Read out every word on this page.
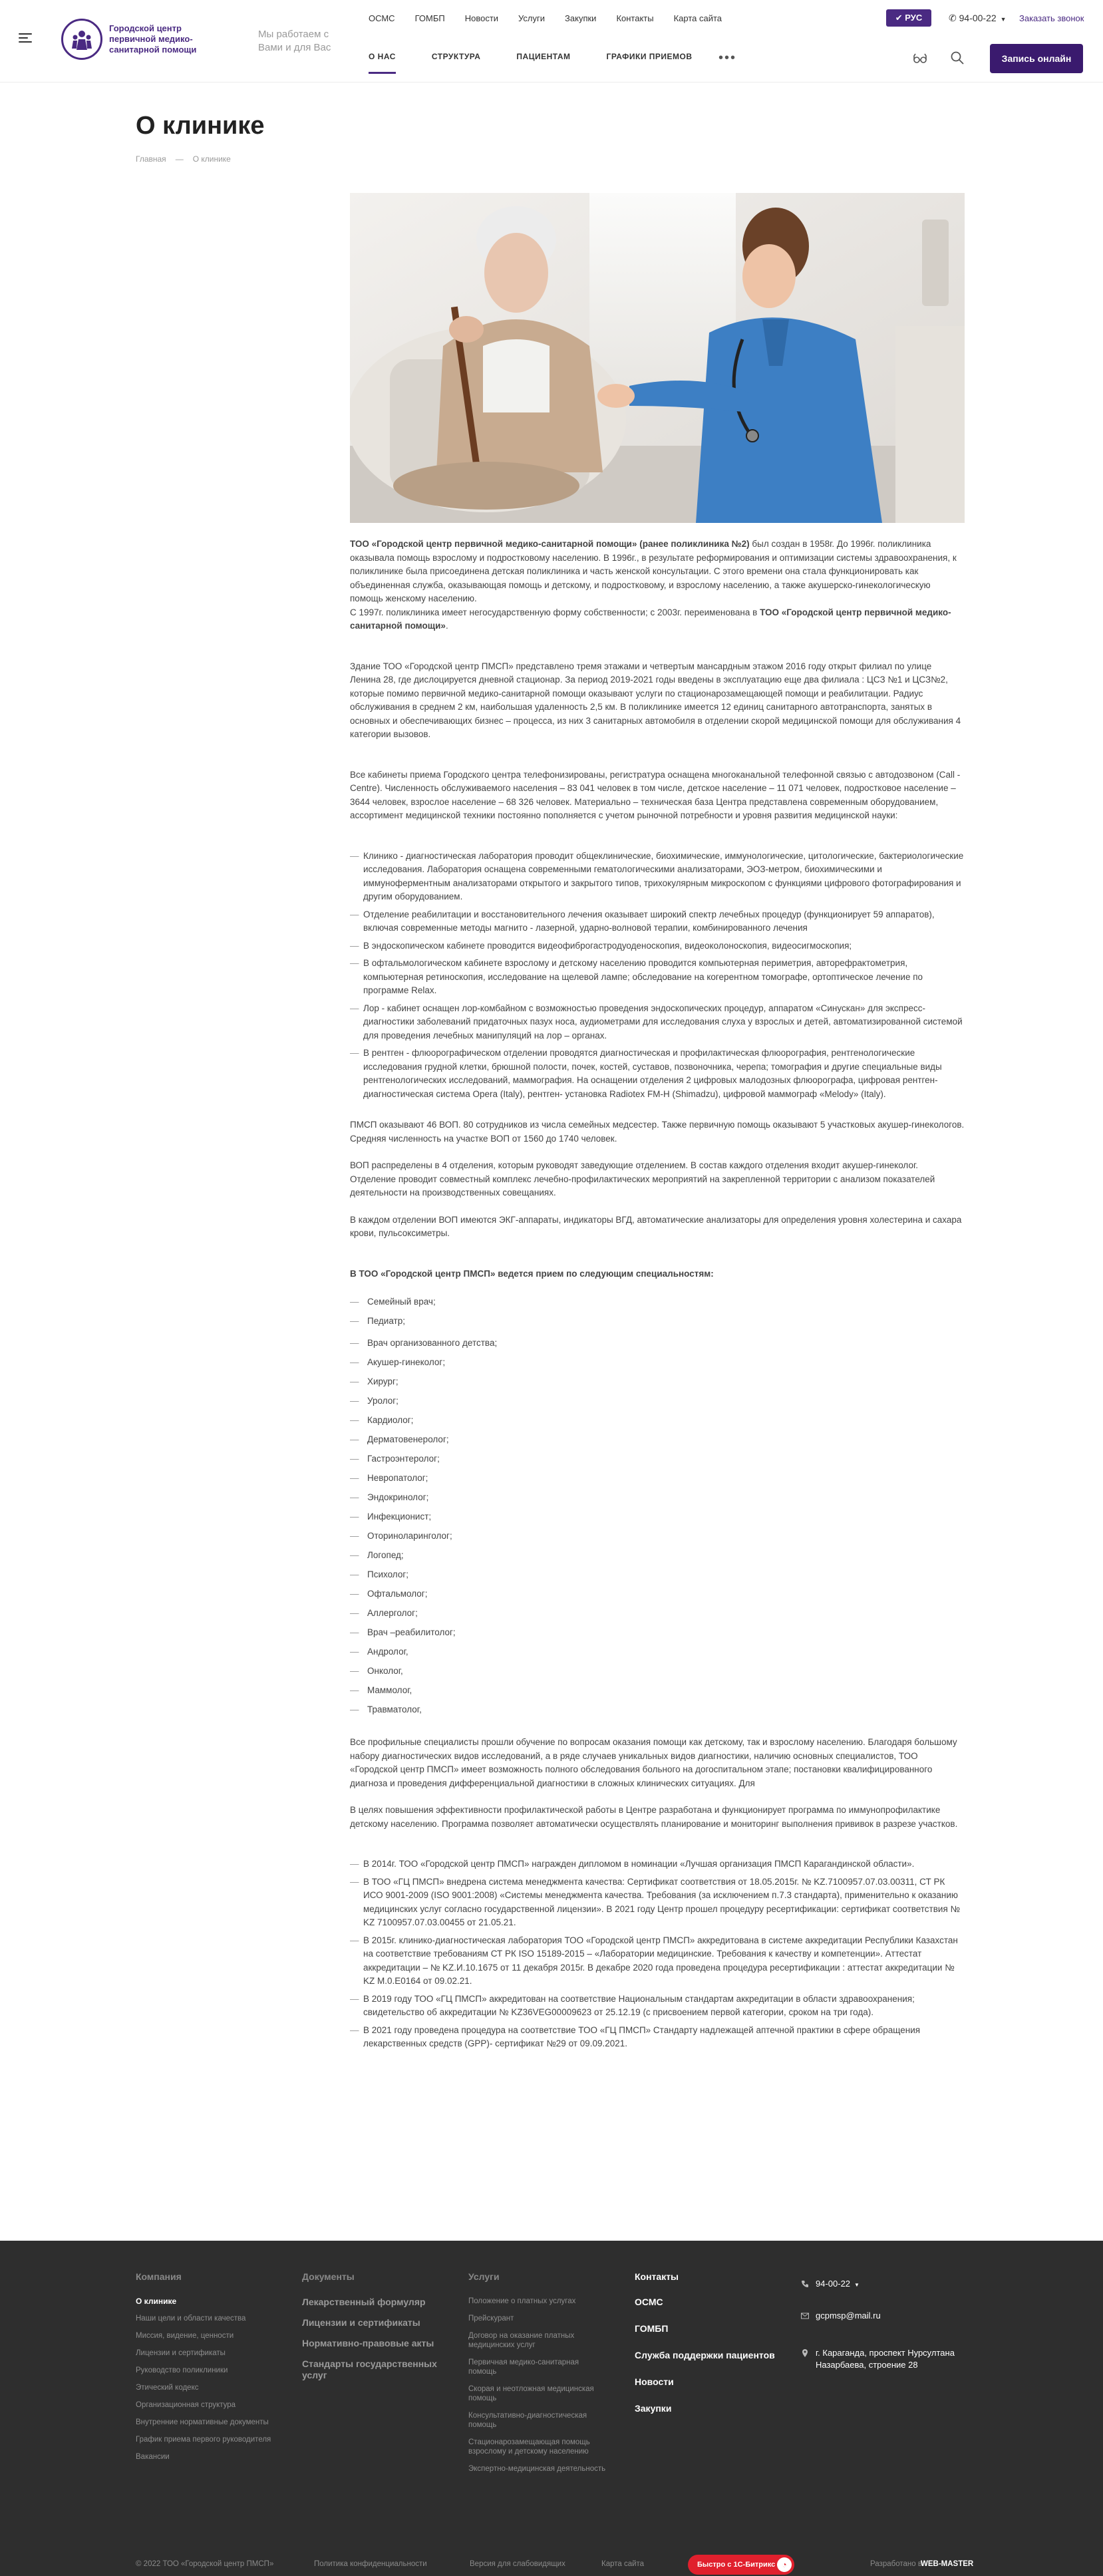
Городской центр первичной медико-санитарной помощи
Мы работаем с Вами и для Вас
ОСМС ГОМБП Новости Услуги Закупки Контакты Карта сайта
О НАС	СТРУКТУРА	ПАЦИЕНТАМ	ГРАФИКИ ПРИЕМОВ •••
✔ РУС	✆ 94-00-22 ▼ Заказать звонок
Запись онлайн
О клинике
Главная — О клинике

ТОО «Городской центр первичной медико-санитарной помощи» (ранее поликлиника №2) был создан в 1958г. До 1996г. поликлиника оказывала помощь взрослому и подростковому населению. В 1996г., в результате реформирования и оптимизации системы здравоохранения, к поликлинике была присоединена детская поликлиника и часть женской консультации. С этого времени она стала функционировать как объединенная служба, оказывающая помощь и детскому, и подростковому, и взрослому населению, а также акушерско-гинекологическую помощь женскому населению.

С 1997г. поликлиника имеет негосударственную форму собственности; с 2003г. переименована в ТОО «Городской центр первичной медико-санитарной помощи».

Здание ТОО «Городской центр ПМСП» представлено тремя этажами и четвертым мансардным этажом 2016 году открыт филиал по улице Ленина 28, где дислоцируется дневной стационар. За период 2019-2021 годы введены в эксплуатацию еще два филиала : ЦСЗ №1 и ЦСЗ№2, которые помимо первичной медико-санитарной помощи оказывают услуги по стационарозамещающей помощи и реабилитации. Радиус обслуживания в среднем 2 км, наибольшая удаленность 2,5 км. В поликлинике имеется 12 единиц санитарного автотранспорта, занятых в основных и обеспечивающих бизнес – процесса, из них 3 санитарных автомобиля в отделении скорой медицинской помощи для обслуживания 4 категории вызовов.

Все кабинеты приема Городского центра телефонизированы, регистратура оснащена многоканальной телефонной связью с автодозвоном (Call - Centre). Численность обслуживаемого населения – 83 041 человек в том числе, детское население – 11 071 человек, подростковое население – 3644 человек, взрослое население – 68 326 человек. Материально – техническая база Центра представлена современным оборудованием, ассортимент медицинской техники постоянно пополняется с учетом рыночной потребности и уровня развития медицинской науки:

— Клинико - диагностическая лаборатория проводит общеклинические, биохимические, иммунологические, цитологические, бактериологические исследования. Лаборатория оснащена современными гематологическими анализаторами, ЭОЗ-метром, биохимическими и иммуноферментным анализаторами открытого и закрытого типов, трихокулярным микроскопом с функциями цифрового фотографирования и другим оборудованием.
— Отделение реабилитации и восстановительного лечения оказывает широкий спектр лечебных процедур (функционирует 59 аппаратов), включая современные методы магнито - лазерной, ударно-волновой терапии, комбинированного лечения
— В эндоскопическом кабинете проводится видеофиброгастродуоденоскопия, видеоколоноскопия, видеосигмоскопия;
— В офтальмологическом кабинете взрослому и детскому населению проводится компьютерная периметрия, авторефрактометрия, компьютерная ретиноскопия, исследование на щелевой лампе; обследование на когерентном томографе, ортоптическое лечение по программе Relax.
— Лор - кабинет оснащен лор-комбайном с возможностью проведения эндоскопических процедур, аппаратом «Синускан» для экспресс-диагностики заболеваний придаточных пазух носа, аудиометрами для исследования слуха у взрослых и детей, автоматизированной системой для проведения лечебных манипуляций на лор – органах.
— В рентген - флюорографическом отделении проводятся диагностическая и профилактическая флюорография, рентгенологические исследования грудной клетки, брюшной полости, почек, костей, суставов, позвоночника, черепа; томография и другие специальные виды рентгенологических исследований, маммография. На оснащении отделения 2 цифровых малодозных флюорографа, цифровая рентген-диагностическая система Opera (Italy), рентген- установка Radiotex FM-H (Shimadzu), цифровой маммограф «Melody» (Italy).

ПМСП оказывают 46 ВОП. 80 сотрудников из числа семейных медсестер. Также первичную помощь оказывают 5 участковых акушер-гинекологов. Средняя численность на участке ВОП от 1560 до 1740 человек.

ВОП распределены в 4 отделения, которым руководят заведующие отделением. В состав каждого отделения входит акушер-гинеколог. Отделение проводит совместный комплекс лечебно-профилактических мероприятий на закрепленной территории с анализом показателей деятельности на производственных совещаниях.

В каждом отделении ВОП имеются ЭКГ-аппараты, индикаторы ВГД, автоматические анализаторы для определения уровня холестерина и сахара крови, пульсоксиметры.

В ТОО «Городской центр ПМСП» ведется прием по следующим специальностям:
— Семейный врач;
— Педиатр;
— Врач организованного детства;
— Акушер-гинеколог;
— Хирург;
— Уролог;
— Кардиолог;
— Дерматовенеролог;
— Гастроэнтеролог;
— Невропатолог;
— Эндокринолог;
— Инфекционист;
— Оториноларинголог;
— Логопед;
— Психолог;
— Офтальмолог;
— Аллерголог;
— Врач –реабилитолог;
— Андролог,
— Онколог,
— Маммолог,
— Травматолог,

Все профильные специалисты прошли обучение по вопросам оказания помощи как детскому, так и взрослому населению. Благодаря большому набору диагностических видов исследований, а в ряде случаев уникальных видов диагностики, наличию основных специалистов, ТОО «Городской центр ПМСП» имеет возможность полного обследования больного на догоспитальном этапе; постановки квалифицированного диагноза и проведения дифференциальной диагностики в сложных клинических ситуациях. Для

В целях повышения эффективности профилактической работы в Центре разработана и функционирует программа по иммунопрофилактике детскому населению. Программа позволяет автоматически осуществлять планирование и мониторинг выполнения прививок в разрезе участков.

— В 2014г. ТОО «Городской центр ПМСП» награжден дипломом в номинации «Лучшая организация ПМСП Карагандинской области».
— В ТОО «ГЦ ПМСП» внедрена система менеджмента качества: Сертификат соответствия от 18.05.2015г. № KZ.7100957.07.03.00311, СТ РК ИСО 9001-2009 (ISO 9001:2008) «Системы менеджмента качества. Требования (за исключением п.7.3 стандарта), применительно к оказанию медицинских услуг согласно государственной лицензии». В 2021 году Центр прошел процедуру ресертификации: сертификат соответствия № KZ 7100957.07.03.00455 от 21.05.21.
— В 2015г. клинико-диагностическая лаборатория ТОО «Городской центр ПМСП» аккредитована в системе аккредитации Республики Казахстан на соответствие требованиям СТ РК ISO 15189-2015 – «Лаборатории медицинские. Требования к качеству и компетенции». Аттестат аккредитации – № KZ.И.10.1675 от 11 декабря 2015г. В декабре 2020 года проведена процедура ресертификации : аттестат аккредитации № KZ М.0.E0164 от 09.02.21.
— В 2019 году ТОО «ГЦ ПМСП» аккредитован на соответствие Национальным стандартам аккредитации в области здравоохранения; свидетельство об аккредитации № KZ36VEG00009623 от 25.12.19 (с присвоением первой категории, сроком на три года).
— В 2021 году проведена процедура на соответствие ТОО «ГЦ ПМСП» Стандарту надлежащей аптечной практики в сфере обращения лекарственных средств (GPP)- сертификат №29 от 09.09.2021.
Компания
О клинике
Наши цели и области качества
Миссия, видение, ценности
Лицензии и сертификаты
Руководство поликлиники
Этический кодекс
Организационная структура
Внутренние нормативные документы
График приема первого руководителя
Вакансии
Документы
Лекарственный формуляр
Лицензии и сертификаты
Нормативно-правовые акты
Стандарты государственных услуг
Услуги
Положение о платных услугах
Прейскурант
Договор на оказание платных медицинских услуг
Первичная медико-санитарная помощь
Скорая и неотложная медицинская помощь
Консультативно-диагностическая помощь
Стационарозамещающая помощь взрослому и детскому населению
Экспертно-медицинская деятельность
Контакты
ОСМС
ГОМБП
Служба поддержки пациентов
Новости
Закупки
94-00-22 ▼
gcpmsp@mail.ru
г. Караганда, проспект Нурсултана Назарбаева, строение 28
© 2022 ТОО «Городской центр ПМСП»	Политика конфиденциальности	Версия для слабовидящих	Карта сайта	Быстро с 1С-Битрикс ◔	Разработано в
WEB-MASTER
